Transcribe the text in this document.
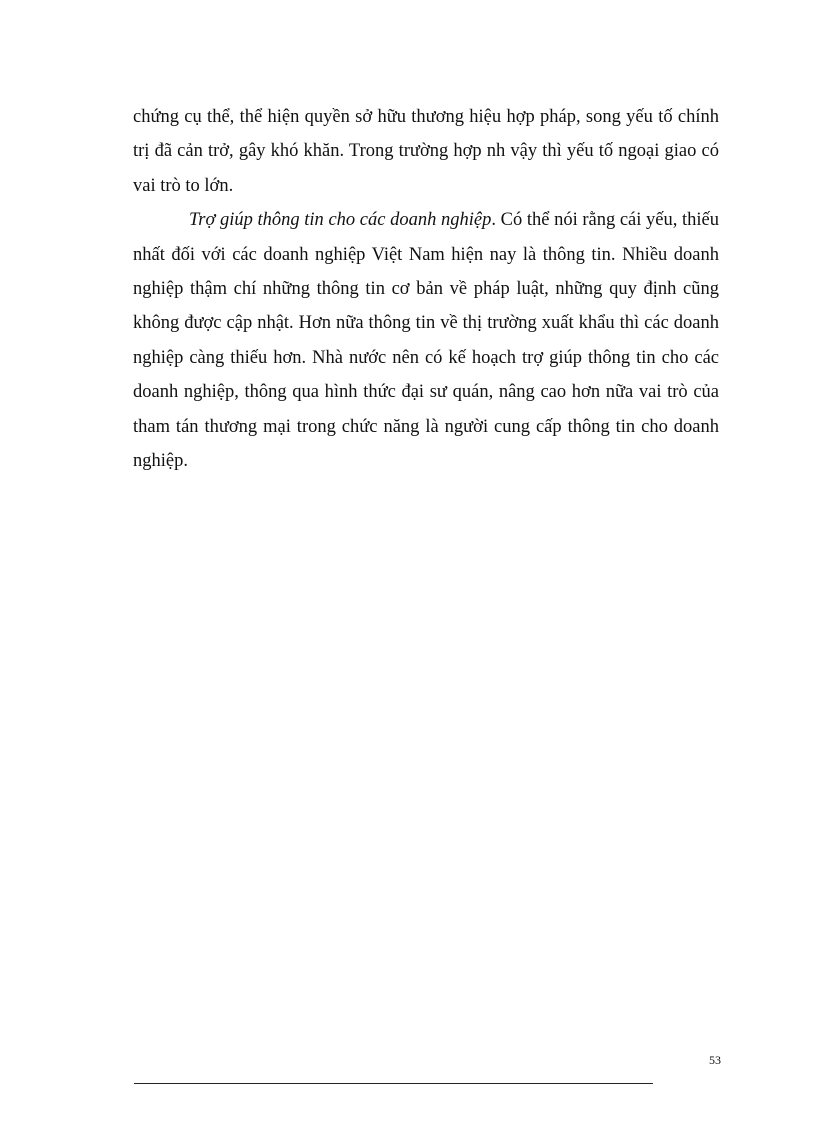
chứng cụ thể, thể hiện quyền sở hữu thương hiệu hợp pháp, song yếu tố chính trị đã cản trở, gây khó khăn. Trong trường hợp nh vậy thì yếu tố ngoại giao có vai trò to lớn.

Trợ giúp thông tin cho các doanh nghiệp. Có thể nói rằng cái yếu, thiếu nhất đối với các doanh nghiệp Việt Nam hiện nay là thông tin. Nhiều doanh nghiệp thậm chí những thông tin cơ bản về pháp luật, những quy định cũng không được cập nhật. Hơn nữa thông tin về thị trường xuất khẩu thì các doanh nghiệp càng thiếu hơn. Nhà nước nên có kế hoạch trợ giúp thông tin cho các doanh nghiệp, thông qua hình thức đại sư quán, nâng cao hơn nữa vai trò của tham tán thương mại trong chức năng là người cung cấp thông tin cho doanh nghiệp.

53
